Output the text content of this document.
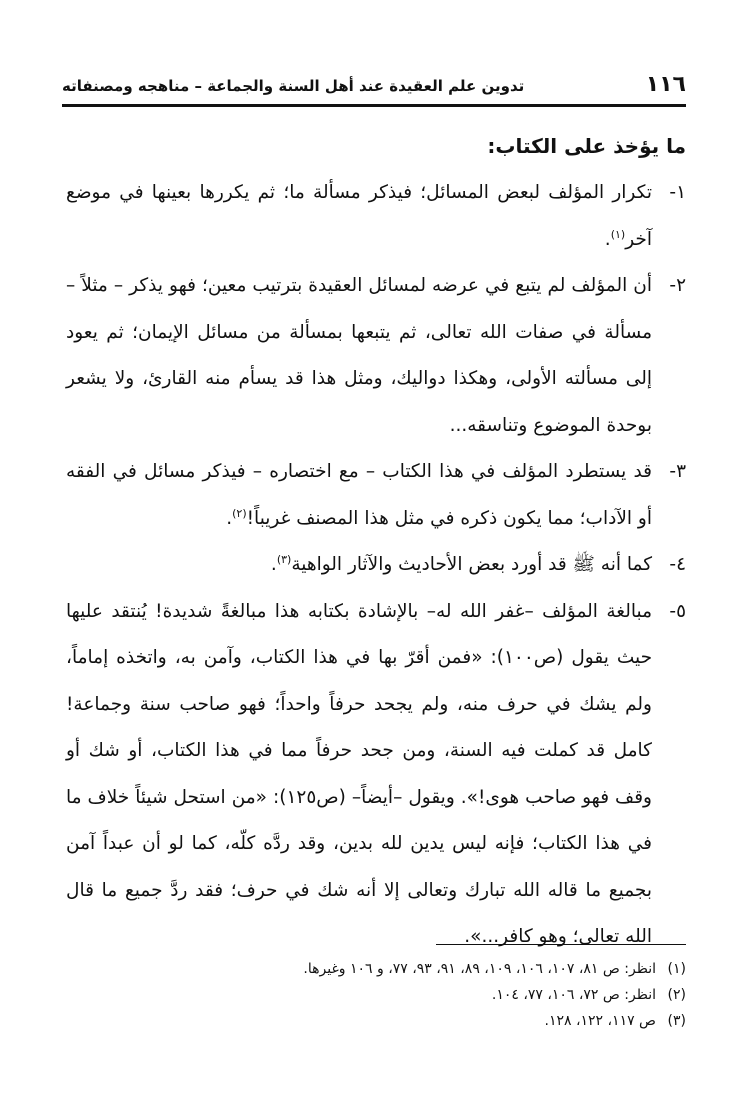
١١٦
تدوين علم العقيدة عند أهل السنة والجماعة – مناهجه ومصنفاته
ما يؤخذ على الكتاب:
١-
تكرار المؤلف لبعض المسائل؛ فيذكر مسألة ما؛ ثم يكررها بعينها في موضع آخر$^{(١)}$.
٢-
أن المؤلف لم يتبع في عرضه لمسائل العقيدة بترتيب معين؛ فهو يذكر – مثلاً – مسألة في صفات الله تعالى، ثم يتبعها بمسألة من مسائل الإيمان؛ ثم يعود إلى مسألته الأولى، وهكذا دواليك، ومثل هذا قد يسأم منه القارئ، ولا يشعر بوحدة الموضوع وتناسقه...
٣-
قد يستطرد المؤلف في هذا الكتاب – مع اختصاره – فيذكر مسائل في الفقه أو الآداب؛ مما يكون ذكره في مثل هذا المصنف غريباً!$^{(٢)}$.
٤-
كما أنه ﷺ قد أورد بعض الأحاديث والآثار الواهية$^{(٣)}$.
٥-
مبالغة المؤلف –غفر الله له– بالإشادة بكتابه هذا مبالغةً شديدة! يُنتقد عليها حيث يقول (ص١٠٠): «فمن أقرّ بها في هذا الكتاب، وآمن به، واتخذه إماماً، ولم يشك في حرف منه، ولم يجحد حرفاً واحداً؛ فهو صاحب سنة وجماعة! كامل قد كملت فيه السنة، ومن جحد حرفاً مما في هذا الكتاب، أو شك أو وقف فهو صاحب هوى!». ويقول –أيضاً– (ص١٢٥): «من استحل شيئاً خلاف ما في هذا الكتاب؛ فإنه ليس يدين لله بدين، وقد ردَّه كلّه، كما لو أن عبداً آمن بجميع ما قاله الله تبارك وتعالى إلا أنه شك في حرف؛ فقد ردَّ جميع ما قال الله تعالى؛ وهو كافر...».
(١)
انظر: ص ٨١، ١٠٧، ١٠٦، ١٠٩، ٨٩، ٩١، ٩٣، ٧٧، و ١٠٦ وغيرها.
(٢)
انظر: ص ٧٢، ١٠٦، ٧٧، ١٠٤.
(٣)
ص ١١٧، ١٢٢، ١٢٨.
